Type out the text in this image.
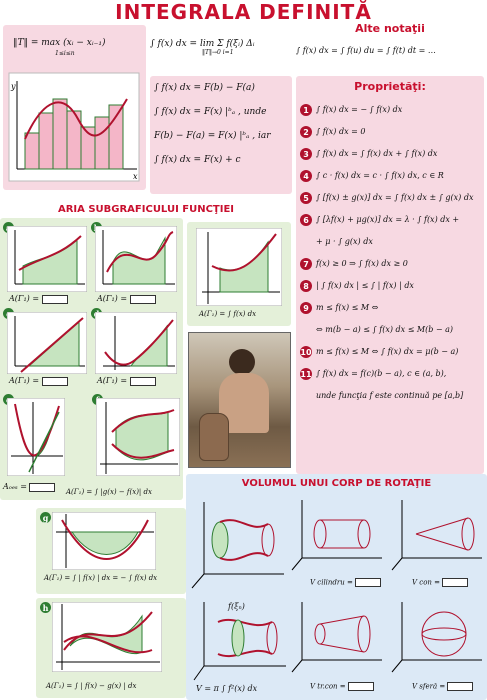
INTEGRALA DEFINITĂ
‖T‖ = max (xᵢ − xᵢ₋₁)
1≤i≤n
y
x
∫ f(x) dx = lim Σ f(ξᵢ) Δᵢ
‖T‖→0 i=1
Alte notaţii
∫ f(x) dx = ∫ f(u) du = ∫ f(t) dt = …
∫ f(x) dx = F(b) − F(a)
∫ f(x) dx = F(x) |ᵇₐ , unde
F(b) − F(a) = F(x) |ᵇₐ , iar
∫ f(x) dx = F(x) + c
Proprietăţi:
1 ∫ f(x) dx = − ∫ f(x) dx
2 ∫ f(x) dx = 0
3 ∫ f(x) dx = ∫ f(x) dx + ∫ f(x) dx
4 ∫ c · f(x) dx = c · ∫ f(x) dx, c ∈ R
5 ∫ [f(x) ± g(x)] dx = ∫ f(x) dx ± ∫ g(x) dx
6 ∫ [λf(x) + μg(x)] dx = λ · ∫ f(x) dx +
+ μ · ∫ g(x) dx
7 f(x) ≥ 0 ⇒ ∫ f(x) dx ≥ 0
8 | ∫ f(x) dx | ≤ ∫ | f(x) | dx
9 m ≤ f(x) ≤ M ⇔
⇔ m(b − a) ≤ ∫ f(x) dx ≤ M(b − a)
10 m ≤ f(x) ≤ M ⇔ ∫ f(x) dx = μ(b − a)
11 ∫ f(x) dx = f(c)(b − a), c ∈ (a, b),
unde funcţia f este continuă pe [a,b]
ARIA SUBGRAFICULUI FUNCŢIEI
A(Γ₁) =	A(Γ₁) =
A(Γ₁) =	A(Γ₁) =
Aₒₑₛ =
A(Γ₁) = ∫ |g(x) − f(x)| dx
A(Γ₁) = ∫ f(x) dx
VOLUMUL UNUI CORP DE ROTAŢIE
V cilindru =	V con =
f(ξₙ)
V = π ∫ f²(x) dx	V tr.con =	V sferă =
g
A(Γ₁) = ∫ | f(x) | dx = − ∫ f(x) dx
h
A(Γ₁) = ∫ | f(x) − g(x) | dx
